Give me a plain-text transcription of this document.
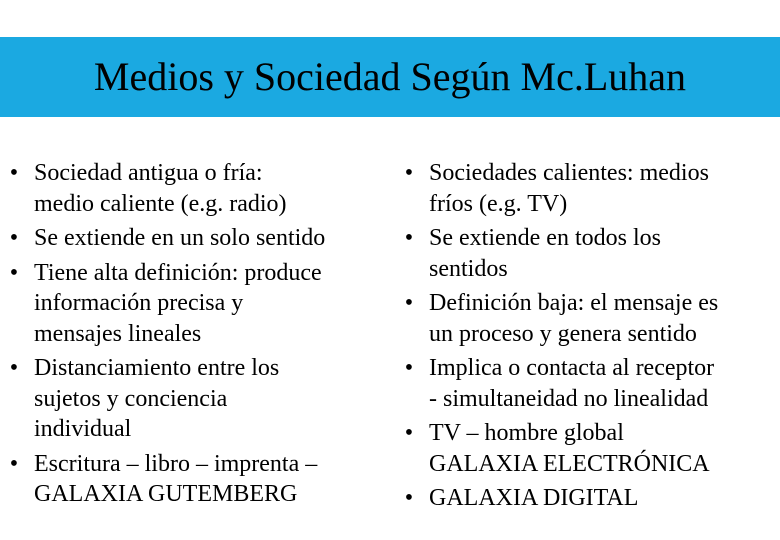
Medios y Sociedad Según Mc.Luhan
• Sociedad antigua o fría:
medio caliente (e.g. radio)
• Se extiende en un solo sentido
• Tiene alta definición: produce
información precisa y
mensajes lineales
• Distanciamiento entre los
sujetos y conciencia
individual
• Escritura – libro – imprenta –
GALAXIA GUTEMBERG
• Sociedades calientes: medios
fríos (e.g. TV)
• Se extiende en todos los
sentidos
• Definición baja: el mensaje es
un proceso y genera sentido
• Implica o contacta al receptor
- simultaneidad no linealidad
• TV – hombre global
GALAXIA ELECTRÓNICA
• GALAXIA DIGITAL
